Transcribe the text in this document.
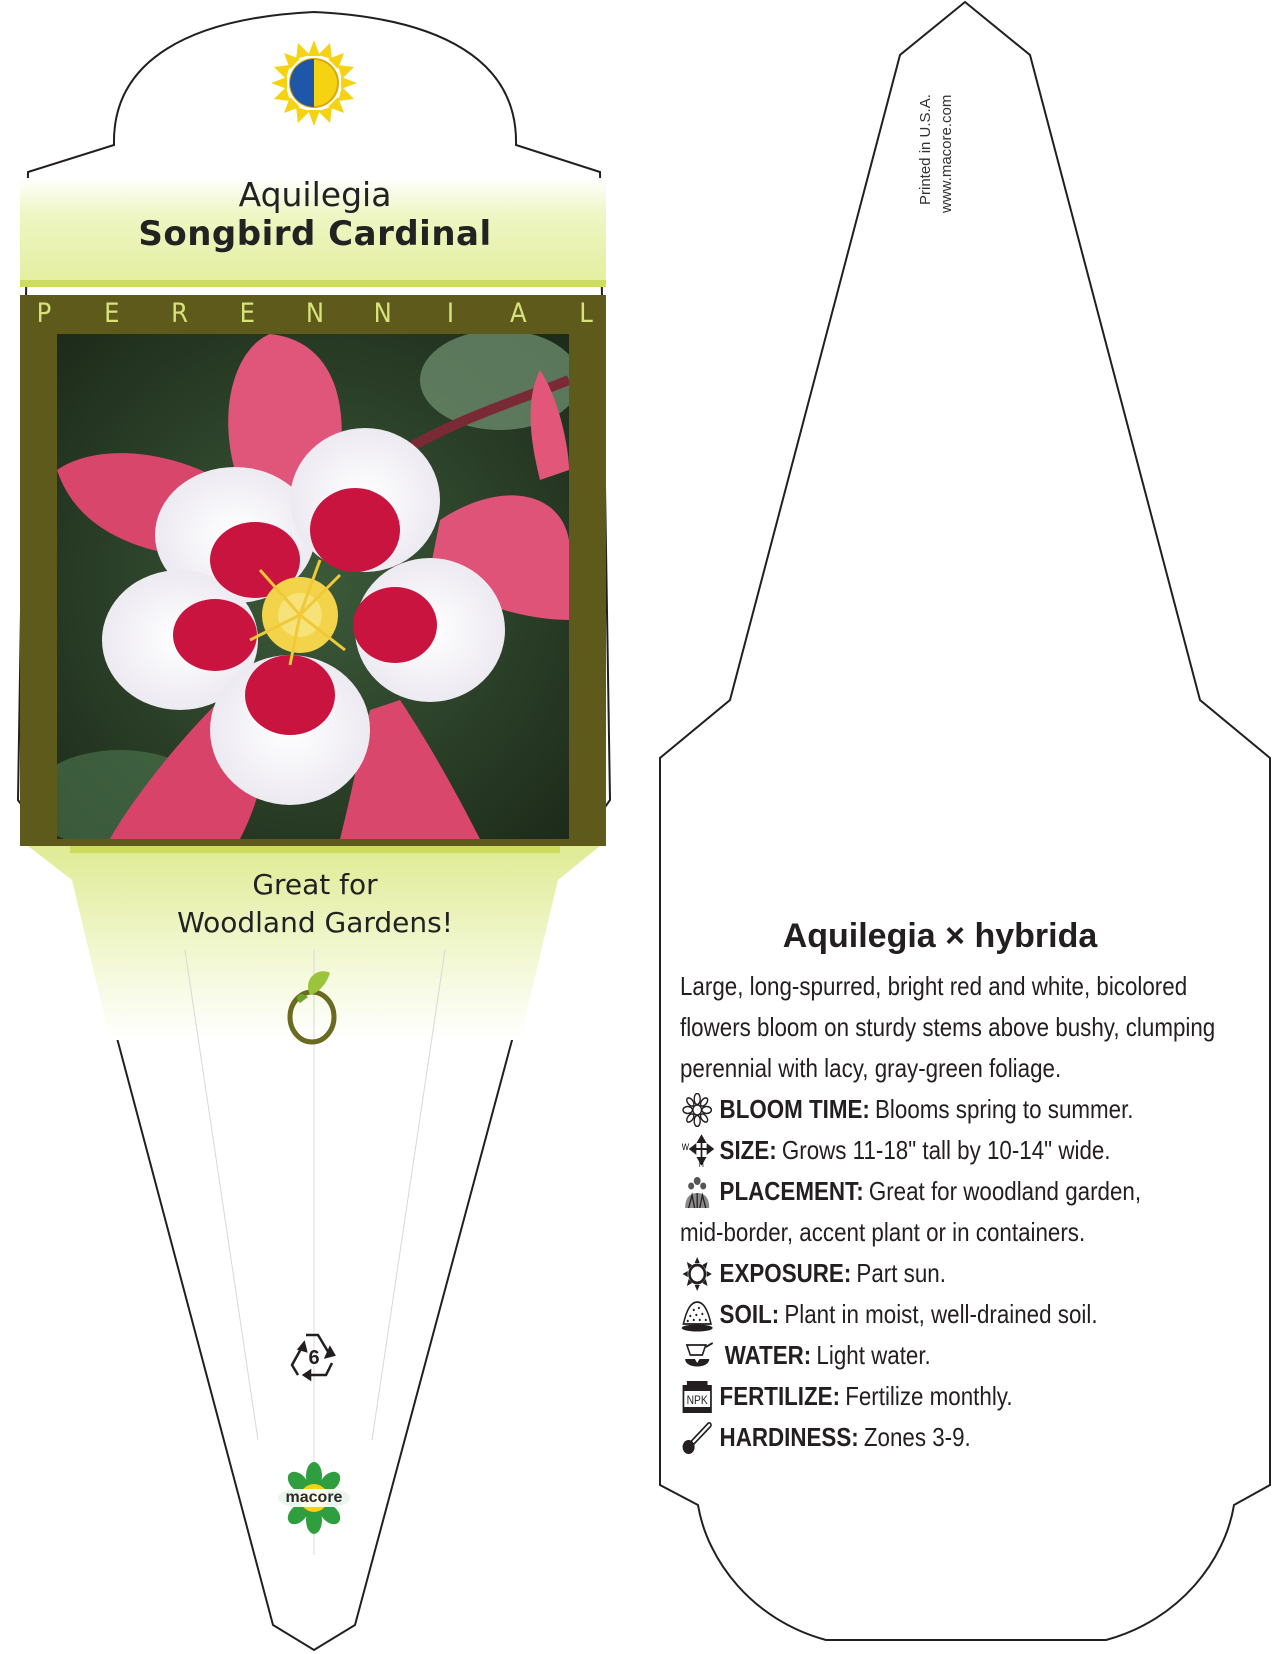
Aquilegia
Songbird Cardinal
P E R E N N	I	A L
Great for
Woodland Gardens!
6
macore
Printed in U.S.A. www.macore.com
Aquilegia × hybrida

Large, long-spurred, bright red and white, bicolored

flowers bloom on sturdy stems above bushy, clumping

perennial with lacy, gray-green foliage.

BLOOM TIME: Blooms spring to summer.
W
H SIZE: Grows 11-18" tall by 10-14" wide.
PLACEMENT: Great for woodland garden,

mid-border, accent plant or in containers.

EXPOSURE: Part sun.
SOIL: Plant in moist, well-drained soil.
WATER: Light water.
NPK FERTILIZE: Fertilize monthly.
HARDINESS: Zones 3-9.
